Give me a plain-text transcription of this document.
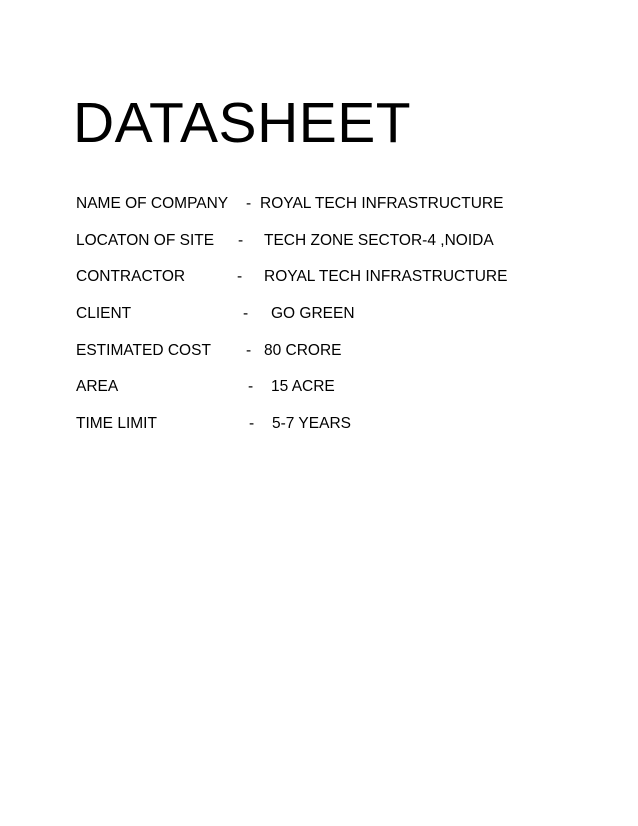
DATASHEET
NAME OF COMPANY - ROYAL TECH INFRASTRUCTURE
LOCATON OF SITE - TECH ZONE SECTOR-4 ,NOIDA
CONTRACTOR	- ROYAL TECH INFRASTRUCTURE
CLIENT	- GO GREEN
ESTIMATED COST - 80 CRORE
AREA	- 15 ACRE
TIME LIMIT	- 5-7 YEARS
